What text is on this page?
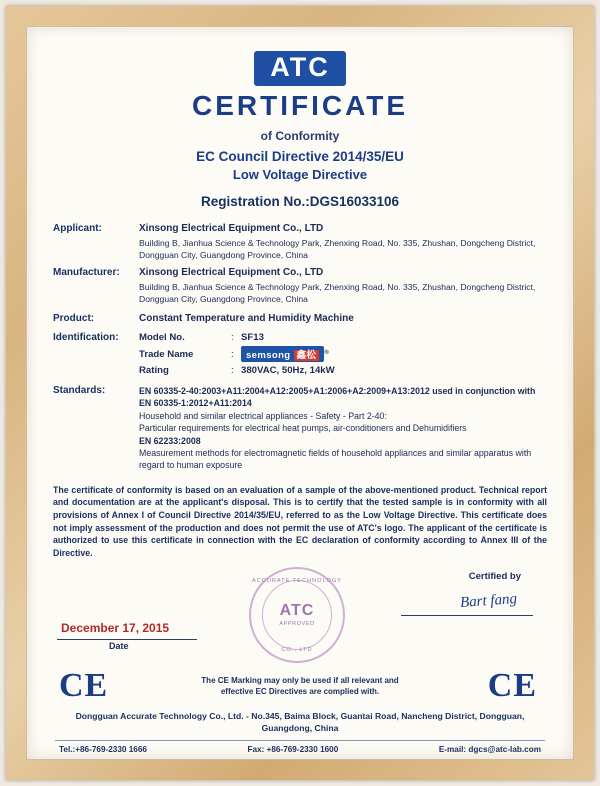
ATC
CERTIFICATE
of Conformity
EC Council Directive 2014/35/EU
Low Voltage Directive
Registration No.:DGS16033106
Applicant:	Xinsong Electrical Equipment Co., LTD
Building B, Jianhua Science & Technology Park, Zhenxing Road, No. 335, Zhushan, Dongcheng District, Dongguan City, Guangdong Province, China
Manufacturer:	Xinsong Electrical Equipment Co., LTD
Building B, Jianhua Science & Technology Park, Zhenxing Road, No. 335, Zhushan, Dongcheng District, Dongguan City, Guangdong Province, China
Product:	Constant Temperature and Humidity Machine
Identification:	Model No.	: SF13
Trade Name	:	semsong 鑫松 ®
Rating	: 380VAC, 50Hz, 14kW
Standards:	EN 60335-2-40:2003+A11:2004+A12:2005+A1:2006+A2:2009+A13:2012 used in conjunction with EN 60335-1:2012+A11:2014
Household and similar electrical appliances - Safety - Part 2-40:
Particular requirements for electrical heat pumps, air-conditioners and Dehumidifiers
EN 62233:2008
Measurement methods for electromagnetic fields of household appliances and similar apparatus with regard to human exposure
The certificate of conformity is based on an evaluation of a sample of the above-mentioned product. Technical report and documentation are at the applicant's disposal. This is to certify that the tested sample is in conformity with all provisions of Annex I of Council Directive 2014/35/EU, referred to as the Low Voltage Directive. This certificate does not imply assessment of the production and does not permit the use of ATC's logo. The applicant of the certificate is authorized to use this certificate in connection with the EC declaration of conformity according to Annex III of the Directive.
Certified by
Bart fang
December 17, 2015
Date
ACCURATE TECHNOLOGY
ATC
APPROVED
CO., LTD
CE	CE
The CE Marking may only be used if all relevant and
effective EC Directives are complied with.
Dongguan Accurate Technology Co., Ltd. - No.345, Baima Block, Guantai Road, Nancheng District, Dongguan,
Guangdong, China
Tel.:+86-769-2330 1666	Fax: +86-769-2330 1600	E-mail: dgcs@atc-lab.com
